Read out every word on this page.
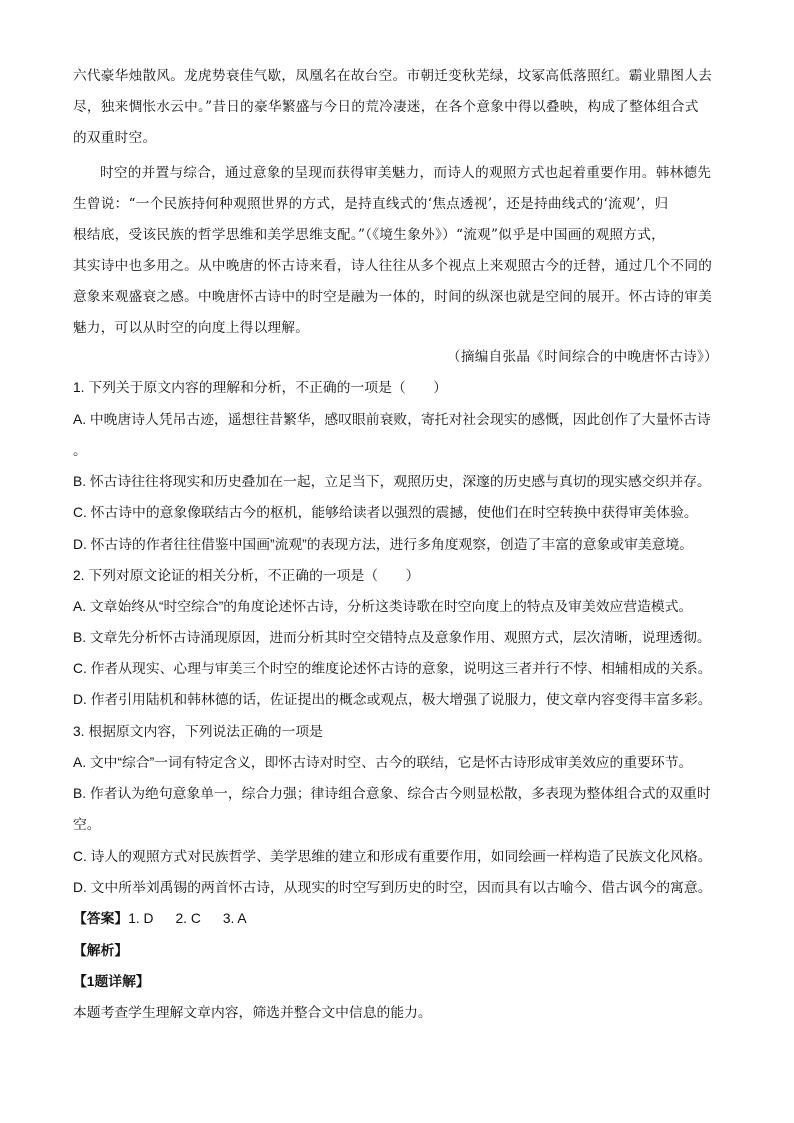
六代豪华烛散风。龙虎势衰佳气歇，凤凰名在故台空。市朝迁变秋芜绿，坟冢高低落照红。霸业鼎图人去
尽，独来惆怅水云中。”昔日的豪华繁盛与今日的荒冷凄迷，在各个意象中得以叠映，构成了整体组合式
的双重时空。
时空的并置与综合，通过意象的呈现而获得审美魅力，而诗人的观照方式也起着重要作用。韩林德先
生曾说：“一个民族持何种观照世界的方式，是持直线式的‘焦点透视’，还是持曲线式的‘流观’，归
根结底，受该民族的哲学思维和美学思维支配。”（《境生象外》）“流观”似乎是中国画的观照方式，
其实诗中也多用之。从中晚唐的怀古诗来看，诗人往往从多个视点上来观照古今的迁替，通过几个不同的
意象来观盛衰之感。中晚唐怀古诗中的时空是融为一体的，时间的纵深也就是空间的展开。怀古诗的审美
魅力，可以从时空的向度上得以理解。
（摘编自张晶《时间综合的中晚唐怀古诗》）
1. 下列关于原文内容的理解和分析，不正确的一项是（　　）
A. 中晚唐诗人凭吊古迹，遥想往昔繁华，感叹眼前衰败，寄托对社会现实的感慨，因此创作了大量怀古诗
。
B. 怀古诗往往将现实和历史叠加在一起，立足当下，观照历史，深邃的历史感与真切的现实感交织并存。
C. 怀古诗中的意象像联结古今的枢机，能够给读者以强烈的震撼，使他们在时空转换中获得审美体验。
D. 怀古诗的作者往往借鉴中国画”流观”的表现方法，进行多角度观察，创造了丰富的意象或审美意境。
2. 下列对原文论证的相关分析，不正确的一项是（　　）
A. 文章始终从“时空综合”的角度论述怀古诗，分析这类诗歌在时空向度上的特点及审美效应营造模式。
B. 文章先分析怀古诗涌现原因，进而分析其时空交错特点及意象作用、观照方式，层次清晰，说理透彻。
C. 作者从现实、心理与审美三个时空的维度论述怀古诗的意象，说明这三者并行不悖、相辅相成的关系。
D. 作者引用陆机和韩林德的话，佐证提出的概念或观点，极大增强了说服力，使文章内容变得丰富多彩。
3. 根据原文内容，下列说法正确的一项是
A. 文中“综合”一词有特定含义，即怀古诗对时空、古今的联结，它是怀古诗形成审美效应的重要环节。
B. 作者认为绝句意象单一，综合力强；律诗组合意象、综合古今则显松散，多表现为整体组合式的双重时
空。
C. 诗人的观照方式对民族哲学、美学思维的建立和形成有重要作用，如同绘画一样构造了民族文化风格。
D. 文中所举刘禹锡的两首怀古诗，从现实的时空写到历史的时空，因而具有以古喻今、借古讽今的寓意。
【答案】1. D 2. C 3. A
【解析】
【1题详解】
本题考查学生理解文章内容，筛选并整合文中信息的能力。
